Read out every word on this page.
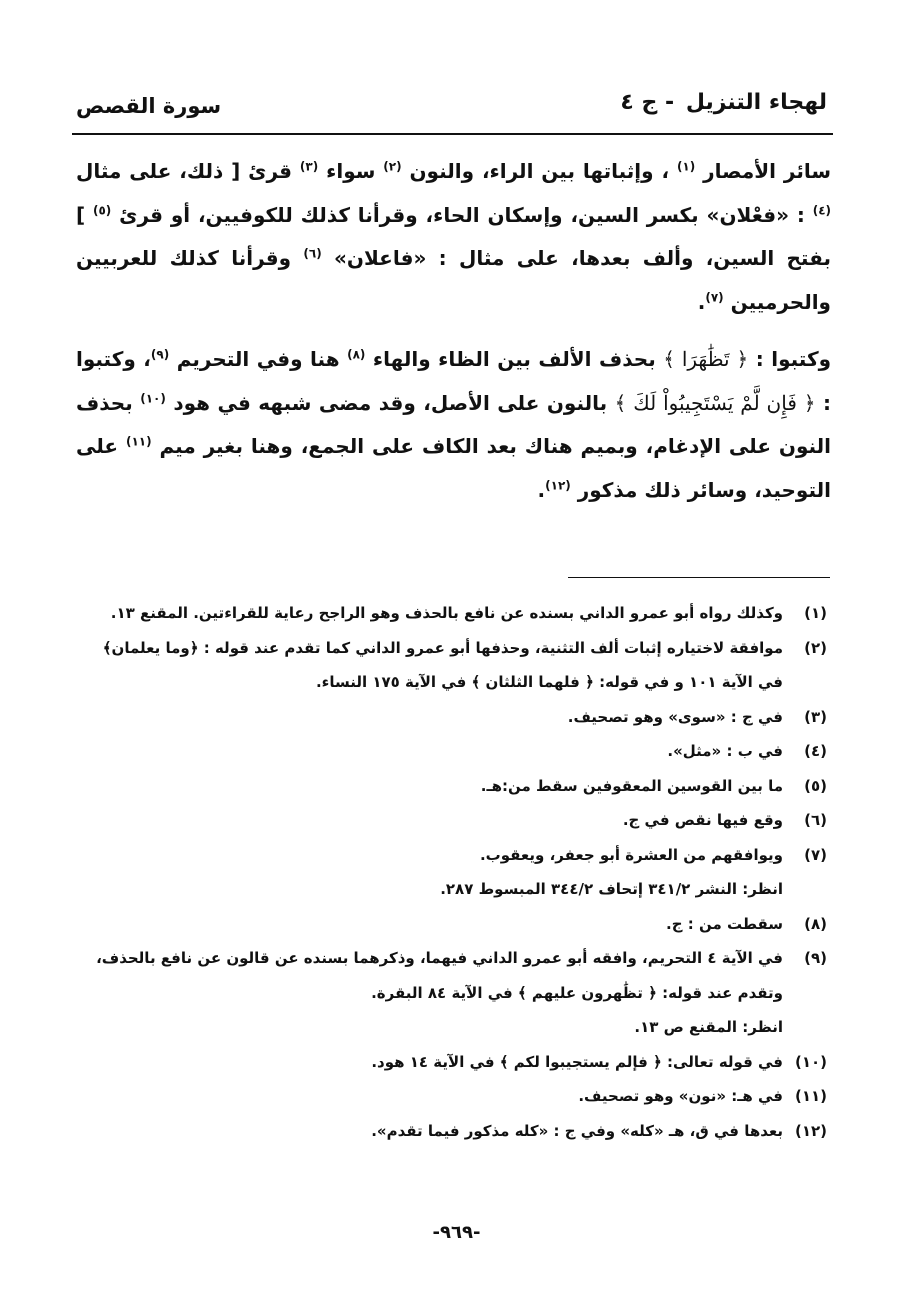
لهجاء التنزيل - ج ٤
سورة القصص

سائر الأمصار $^{(١)}$ ، وإثباتها بين الراء، والنون $^{(٢)}$ سواء $^{(٣)}$ قرئ [ ذلك، على مثال $^{(٤)}$ : «فعْلان» بكسر السين، وإسكان الحاء، وقرأنا كذلك للكوفيين، أو قرئ $^{(٥)}$ ] بفتح السين، وألف بعدها، على مثال : «فاعلان» $^{(٦)}$ وقرأنا كذلك للعربيين والحرميين $^{(٧)}$.

وكتبوا : ﴿ تَظَٰهَرَا ﴾ بحذف الألف بين الظاء والهاء $^{(٨)}$ هنا وفي التحريم $^{(٩)}$، وكتبوا : ﴿ فَإِن لَّمْ يَسْتَجِيبُواْ لَكَ ﴾ بالنون على الأصل، وقد مضى شبهه في هود $^{(١٠)}$ بحذف النون على الإدغام، وبميم هناك بعد الكاف على الجمع، وهنا بغير ميم $^{(١١)}$ على التوحيد، وسائر ذلك مذكور $^{(١٢)}$.

(١)
وكذلك رواه أبو عمرو الداني بسنده عن نافع بالحذف وهو الراجح رعاية للقراءتين. المقنع ١٣.
(٢)
موافقة لاختياره إثبات ألف التثنية، وحذفها أبو عمرو الداني كما تقدم عند قوله : ﴿وما يعلمان﴾
في الآية ١٠١ و في قوله: ﴿ فلهما الثلثان ﴾ في الآية ١٧٥ النساء.
(٣)
في ج : «سوى» وهو تصحيف.
(٤)
في ب : «مثل».
(٥)
ما بين القوسين المعقوفين سقط من:هـ.
(٦)
وقع فيها نقص في ج.
(٧)
ويوافقهم من العشرة أبو جعفر، ويعقوب.
انظر: النشر ٣٤١/٢ إتحاف ٣٤٤/٢ المبسوط ٢٨٧.
(٨)
سقطت من : ج.
(٩)
في الآية ٤ التحريم، وافقه أبو عمرو الداني فيهما، وذكرهما بسنده عن قالون عن نافع بالحذف،
وتقدم عند قوله: ﴿ تظَٰهرون عليهم ﴾ في الآية ٨٤ البقرة.
انظر: المقنع ص ١٣.
(١٠)
في قوله تعالى: ﴿ فإلم يستجيبوا لكم ﴾ في الآية ١٤ هود.
(١١)
في هـ: «نون» وهو تصحيف.
(١٢)
بعدها في ق، هـ «كله» وفي ج : «كله مذكور فيما تقدم».
-٩٦٩-
